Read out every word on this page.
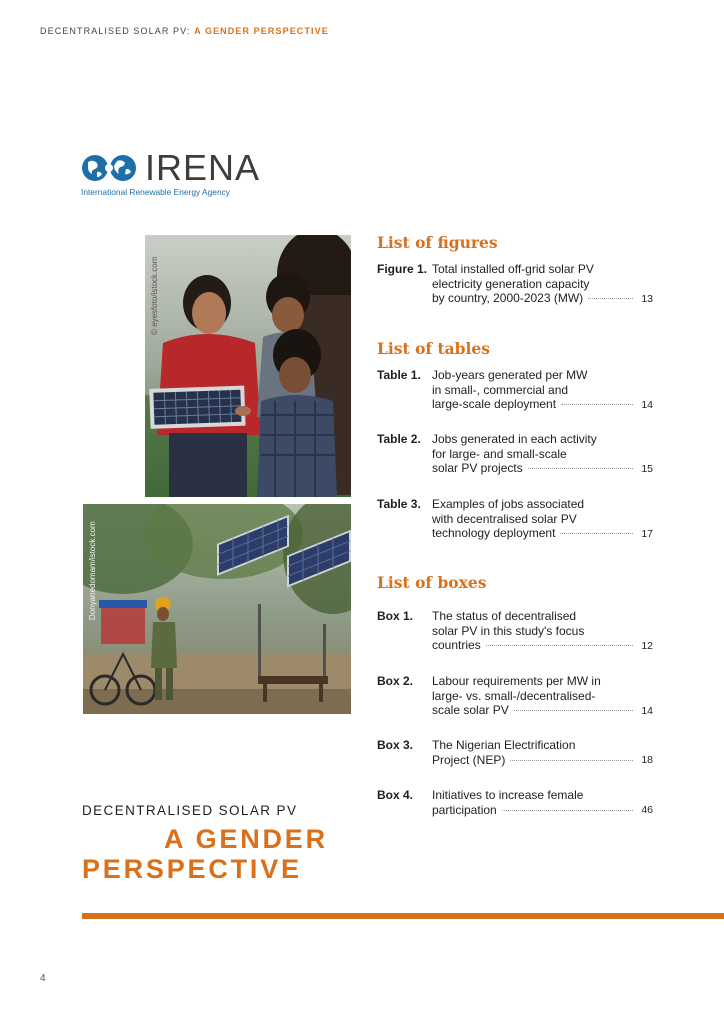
DECENTRALISED SOLAR PV: A GENDER PERSPECTIVE
IRENA
International Renewable Energy Agency
© eyesfoto/istock.com
Donyanedomam/istock.com
List of figures
Figure 1. Total installed off-grid solar PV
electricity generation capacity
by country, 2000-2023 (MW)	13
List of tables
Table 1. Job-years generated per MW
in small-, commercial and
large-scale deployment	14
Table 2. Jobs generated in each activity
for large- and small-scale
solar PV projects	15
Table 3. Examples of jobs associated
with decentralised solar PV
technology deployment	17
List of boxes
Box 1. The status of decentralised
solar PV in this study's focus
countries	12
Box 2. Labour requirements per MW in
large- vs. small-/decentralised-
scale solar PV	14
Box 3. The Nigerian Electrification
Project (NEP)	18
Box 4. Initiatives to increase female
participation	46
DECENTRALISED SOLAR PV
A GENDER
PERSPECTIVE
4
